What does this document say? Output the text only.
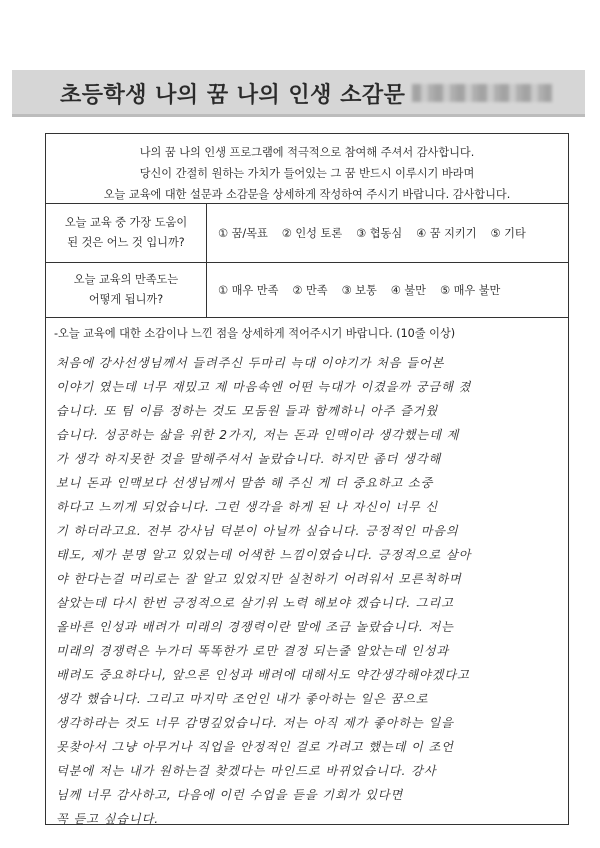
초등학생 나의 꿈 나의 인생 소감문
나의 꿈 나의 인생 프로그램에 적극적으로 참여해 주셔서 감사합니다.
당신이 간절히 원하는 가치가 들어있는 그 꿈 반드시 이루시기 바라며
오늘 교육에 대한 설문과 소감문을 상세하게 작성하여 주시기 바랍니다. 감사합니다.
오늘 교육 중 가장 도움이
된 것은 어느 것 입니까?
① 꿈/목표 ② 인성 토론 ③ 협동심 ④ 꿈 지키기 ⑤ 기타
오늘 교육의 만족도는
어떻게 됩니까?
① 매우 만족 ② 만족 ③ 보통 ④ 불만 ⑤ 매우 불만
-오늘 교육에 대한 소감이나 느낀 점을 상세하게 적어주시기 바랍니다. (10줄 이상)
처음에 강사선생님께서 들려주신 두마리 늑대 이야기가 처음 들어본
이야기 였는데 너무 재밌고 제 마음속엔 어떤 늑대가 이겼을까 궁금해 졌
습니다. 또 팀 이름 정하는 것도 모둠원 들과 함께하니 아주 즐거웠
습니다. 성공하는 삶을 위한 2가지, 저는 돈과 인맥이라 생각했는데 제
가 생각 하지못한 것을 말해주셔서 놀랐습니다. 하지만 좀더 생각해
보니 돈과 인맥보다 선생님께서 말씀 해 주신 게 더 중요하고 소중
하다고 느끼게 되었습니다. 그런 생각을 하게 된 나 자신이 너무 신
기 하더라고요. 전부 강사님 덕분이 아닐까 싶습니다. 긍정적인 마음의
태도, 제가 분명 알고 있었는데 어색한 느낌이였습니다. 긍정적으로 살아
야 한다는걸 머리로는 잘 알고 있었지만 실천하기 어려워서 모른척하며
살았는데 다시 한번 긍정적으로 살기위 노력 해보야 겠습니다. 그리고
올바른 인성과 배려가 미래의 경쟁력이란 말에 조금 놀랐습니다. 저는
미래의 경쟁력은 누가더 똑똑한가 로만 결정 되는줄 알았는데 인성과
배려도 중요하다니, 앞으론 인성과 배려에 대해서도 약간생각해야겠다고
생각 했습니다. 그리고 마지막 조언인 내가 좋아하는 일은 꿈으로
생각하라는 것도 너무 감명깊었습니다. 저는 아직 제가 좋아하는 일을
못찾아서 그냥 아무거나 직업을 안정적인 걸로 가려고 했는데 이 조언
덕분에 저는 내가 원하는걸 찾겠다는 마인드로 바뀌었습니다. 강사
님께 너무 감사하고, 다음에 이런 수업을 듣을 기회가 있다면
꼭 듣고 싶습니다.
